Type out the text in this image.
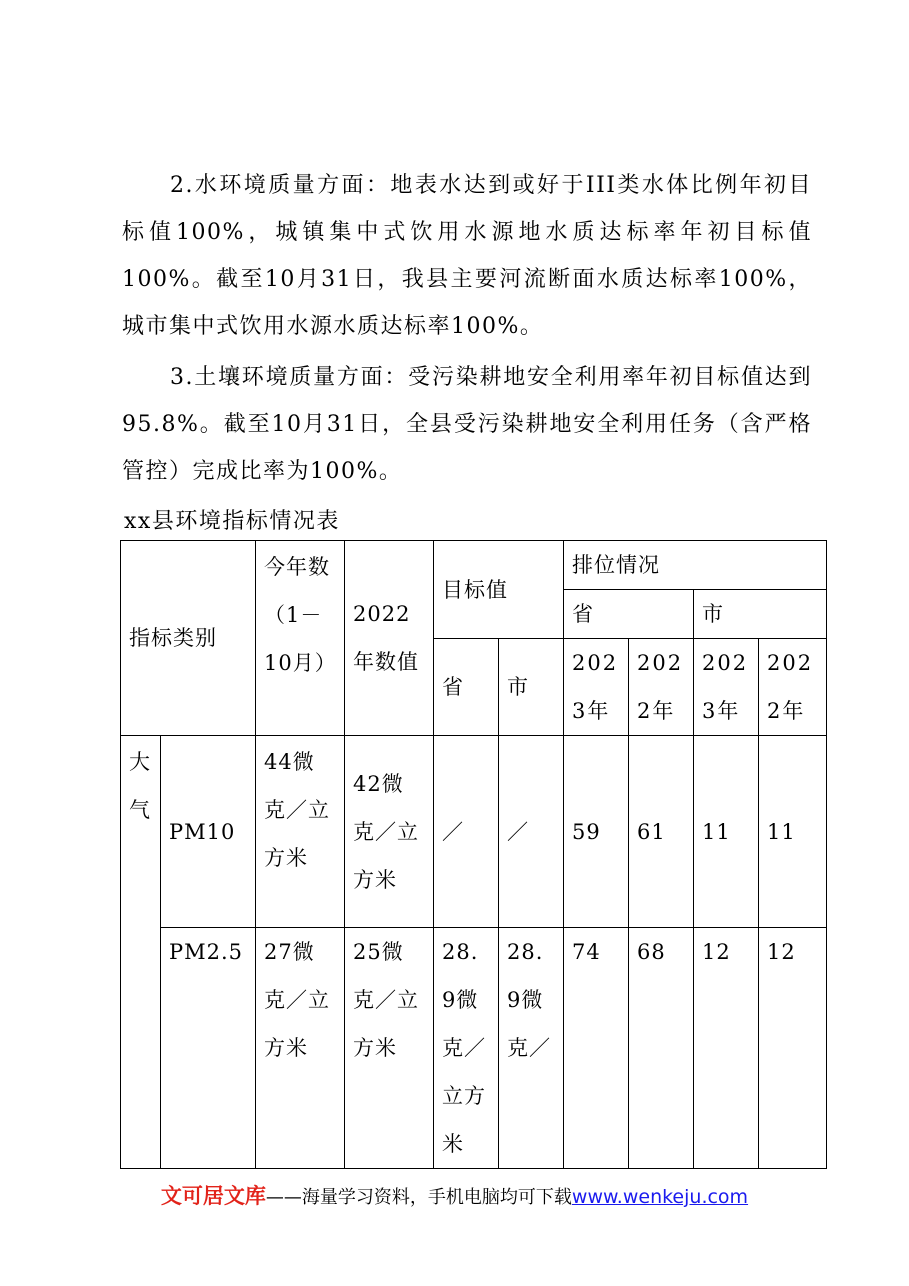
2.水环境质量方面：地表水达到或好于III类水体比例年初目标值100%，城镇集中式饮用水源地水质达标率年初目标值100%。截至10月31日，我县主要河流断面水质达标率100%，城市集中式饮用水源水质达标率100%。

3.土壤环境质量方面：受污染耕地安全利用率年初目标值达到95.8%。截至10月31日，全县受污染耕地安全利用任务（含严格管控）完成比率为100%。

xx县环境指标情况表
指标类别		今年数（1－10月）	2022年数值	目标值		排位情况			
						省		市	
				省	市	2023年	2022年	2023年	2022年

大气	PM10	44微克／立方米	42微克／立方米	／	／	59	61	11	11
	PM2.5	27微克／立方米	25微克／立方米	28.9微克／立方米	28.9微克／	74	68	12	12
文可居文库——海量学习资料，手机电脑均可下载www.wenkeju.com
